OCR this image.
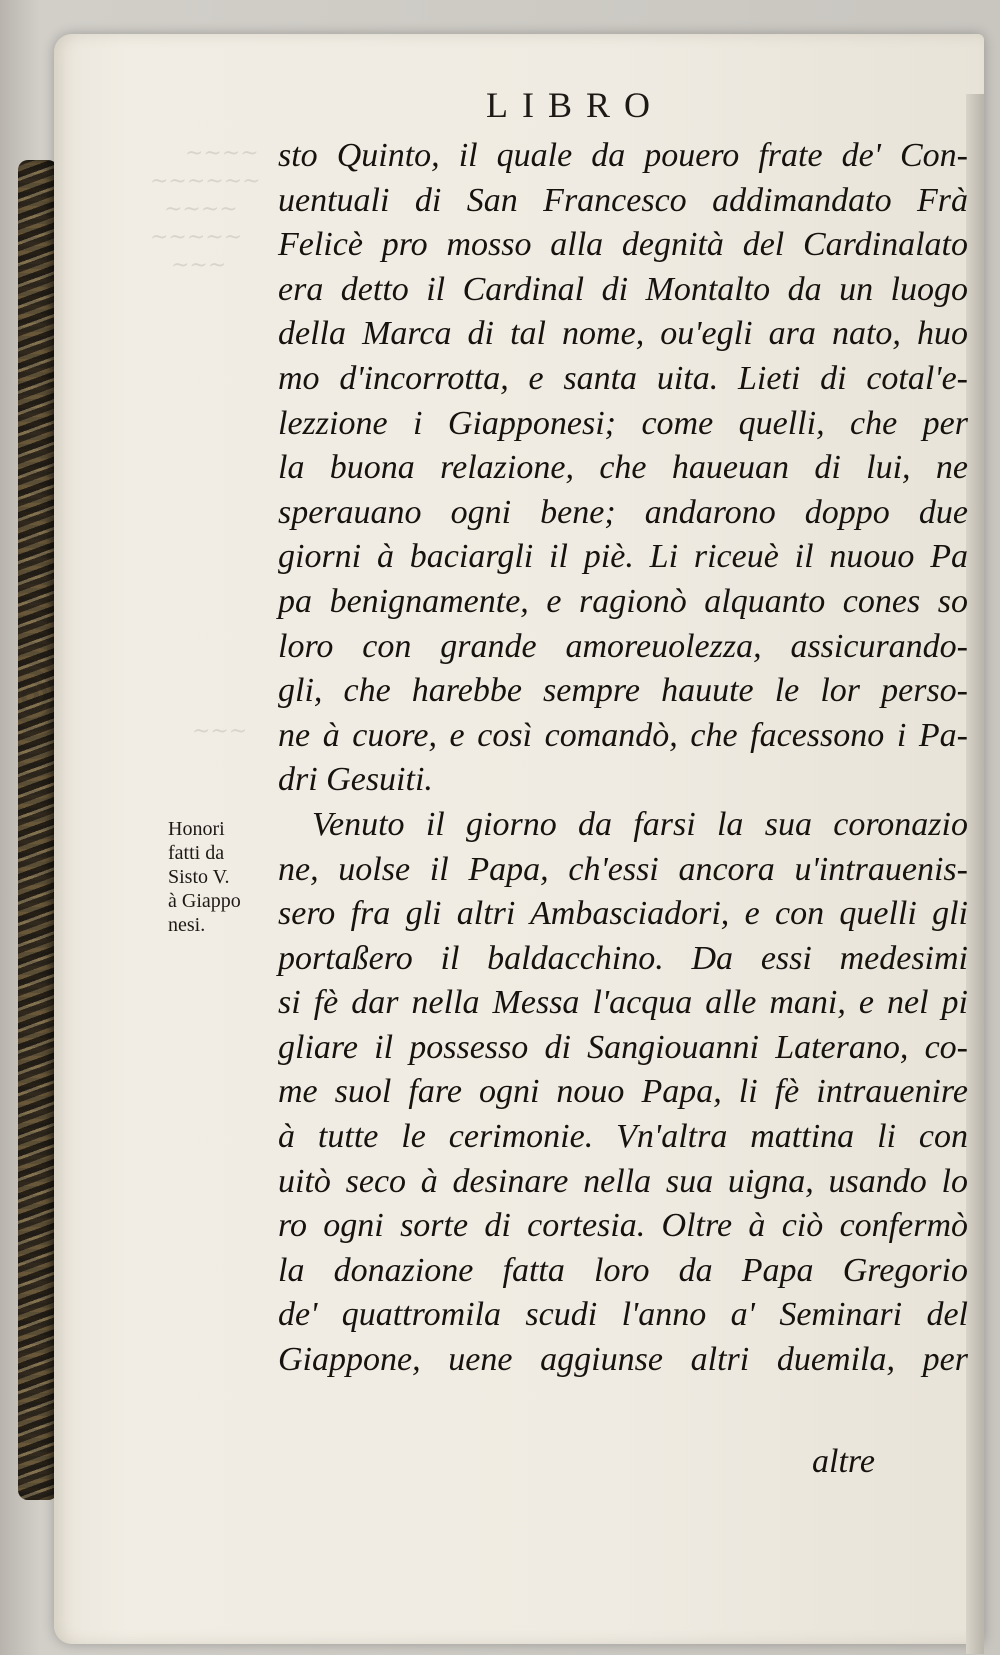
~~~~
~~~~~~
~~~~
~~~~~
~~~
~~~
LIBRO
Honori
fatti da
Sisto V.
à Giappo
nesi.
sto Quinto, il quale da pouero frate de' Con-
uentuali di San Francesco addimandato Frà
Felicè pro mosso alla degnità del Cardinalato
era detto il Cardinal di Montalto da un luogo
della Marca di tal nome, ou'egli ara nato, huo
mo d'incorrotta, e santa uita. Lieti di cotal'e-
lezzione i Giapponesi; come quelli, che per
la buona relazione, che haueuan di lui, ne
sperauano ogni bene; andarono doppo due
giorni à baciargli il piè. Li riceuè il nuouo Pa
pa benignamente, e ragionò alquanto cones so
loro con grande amoreuolezza, assicurando-
gli, che harebbe sempre hauute le lor perso-
ne à cuore, e così comandò, che facessono i Pa-
dri Gesuiti.
Venuto il giorno da farsi la sua coronazio
ne, uolse il Papa, ch'essi ancora u'intrauenis-
sero fra gli altri Ambasciadori, e con quelli gli
portaßero il baldacchino. Da essi medesimi
si fè dar nella Messa l'acqua alle mani, e nel pi
gliare il possesso di Sangiouanni Laterano, co-
me suol fare ogni nouo Papa, li fè intrauenire
à tutte le cerimonie. Vn'altra mattina li con
uitò seco à desinare nella sua uigna, usando lo
ro ogni sorte di cortesia. Oltre à ciò confermò
la donazione fatta loro da Papa Gregorio
de' quattromila scudi l'anno a' Seminari del
Giappone, uene aggiunse altri duemila, per
altre
